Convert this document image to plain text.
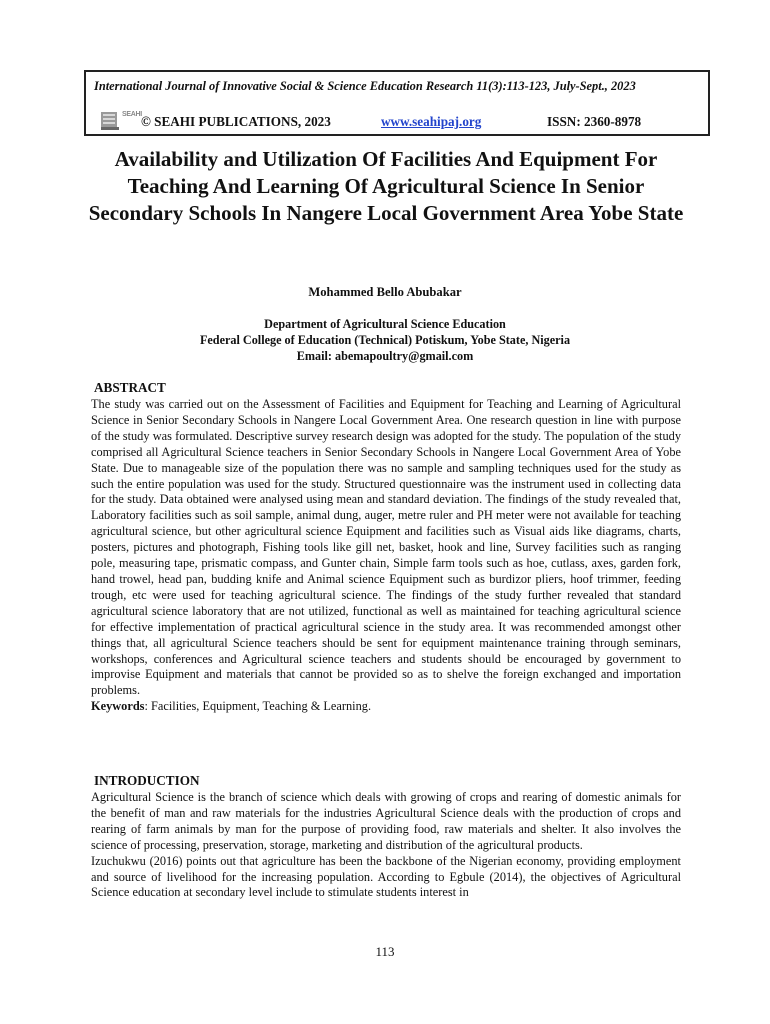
International Journal of Innovative Social & Science Education Research 11(3):113-123, July-Sept., 2023
SEAHI © SEAHI PUBLICATIONS, 2023	www.seahipaj.org	ISSN: 2360-8978
Availability and Utilization Of Facilities And Equipment For Teaching And Learning Of Agricultural Science In Senior Secondary Schools In Nangere Local Government Area Yobe State
Mohammed Bello Abubakar
Department of Agricultural Science Education
Federal College of Education (Technical) Potiskum, Yobe State, Nigeria
Email: abemapoultry@gmail.com
ABSTRACT

The study was carried out on the Assessment of Facilities and Equipment for Teaching and Learning of Agricultural Science in Senior Secondary Schools in Nangere Local Government Area. One research question in line with purpose of the study was formulated. Descriptive survey research design was adopted for the study. The population of the study comprised all Agricultural Science teachers in Senior Secondary Schools in Nangere Local Government Area of Yobe State. Due to manageable size of the population there was no sample and sampling techniques used for the study as such the entire population was used for the study. Structured questionnaire was the instrument used in collecting data for the study. Data obtained were analysed using mean and standard deviation. The findings of the study revealed that, Laboratory facilities such as soil sample, animal dung, auger, metre ruler and PH meter were not available for teaching agricultural science, but other agricultural science Equipment and facilities such as Visual aids like diagrams, charts, posters, pictures and photograph, Fishing tools like gill net, basket, hook and line, Survey facilities such as ranging pole, measuring tape, prismatic compass, and Gunter chain, Simple farm tools such as hoe, cutlass, axes, garden fork, hand trowel, head pan, budding knife and Animal science Equipment such as burdizor pliers, hoof trimmer, feeding trough, etc were used for teaching agricultural science. The findings of the study further revealed that standard agricultural science laboratory that are not utilized, functional as well as maintained for teaching agricultural science for effective implementation of practical agricultural science in the study area. It was recommended amongst other things that, all agricultural Science teachers should be sent for equipment maintenance training through seminars, workshops, conferences and Agricultural science teachers and students should be encouraged by government to improvise Equipment and materials that cannot be provided so as to shelve the foreign exchanged and importation problems.

Keywords: Facilities, Equipment, Teaching & Learning.

INTRODUCTION

Agricultural Science is the branch of science which deals with growing of crops and rearing of domestic animals for the benefit of man and raw materials for the industries Agricultural Science deals with the production of crops and rearing of farm animals by man for the purpose of providing food, raw materials and shelter. It also involves the science of processing, preservation, storage, marketing and distribution of the agricultural products.

Izuchukwu (2016) points out that agriculture has been the backbone of the Nigerian economy, providing employment and source of livelihood for the increasing population. According to Egbule (2014), the objectives of Agricultural Science education at secondary level include to stimulate students interest in

113
